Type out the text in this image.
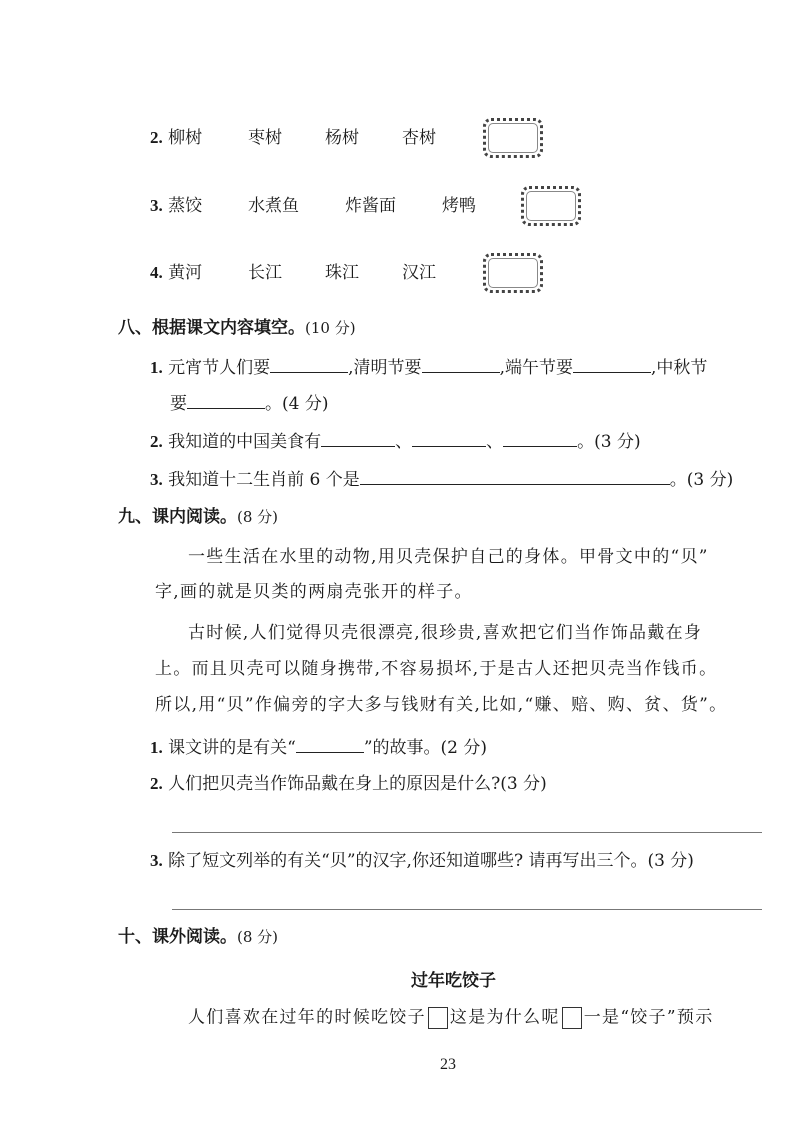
2. 柳树	枣树	杨树	杏树
3. 蒸饺	水煮鱼	炸酱面	烤鸭
4. 黄河	长江	珠江	汉江
八、根据课文内容填空。(10 分)
1. 元宵节人们要	,清明节要	,端午节要	,中秋节
要	。(4 分)
2. 我知道的中国美食有	、	、	。(3 分)
3. 我知道十二生肖前 6 个是	。(3 分)
九、课内阅读。(8 分)
一些生活在水里的动物,用贝壳保护自己的身体。甲骨文中的“贝”
字,画的就是贝类的两扇壳张开的样子。
古时候,人们觉得贝壳很漂亮,很珍贵,喜欢把它们当作饰品戴在身
上。而且贝壳可以随身携带,不容易损坏,于是古人还把贝壳当作钱币。
所以,用“贝”作偏旁的字大多与钱财有关,比如,“赚、赔、购、贫、货”。
1. 课文讲的是有关“	”的故事。(2 分)
2. 人们把贝壳当作饰品戴在身上的原因是什么?(3 分)
3. 除了短文列举的有关“贝”的汉字,你还知道哪些? 请再写出三个。(3 分)
十、课外阅读。(8 分)
过年吃饺子
人们喜欢在过年的时候吃饺子 这是为什么呢 一是“饺子”预示
23
